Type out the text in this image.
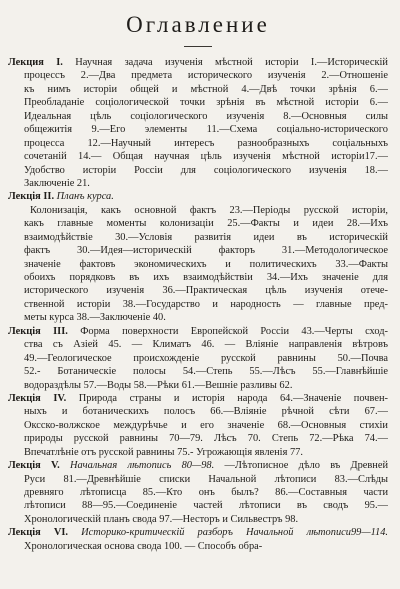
Оглавление
Лекция I. Научная задача изученія мѣстной исторіи I.—Историческій
процессъ 2.—Два предмета исторического изученія 2.—Отношеніе
къ нимъ исторіи общей и мѣстной 4.—Двѣ точки зрѣнія 6.—
Преобладаніе соціологической точки зрѣнія въ мѣстной исторіи 6.—
Идеальная цѣль соціологического изученія 8.—Основныя силы
общежитія 9.—Его элементы 11.—Схема соціально-исторического
процесса 12.—Научный интересъ разнообразныхъ соціальныхъ
сочетаній 14.— Общая научная цѣль изученія мѣстной исторіи17.—
Удобство исторіи Россіи для соціологического изученія 18.—
Заключеніе 21.
Лекція II. Планъ курса.
Колонизація, какъ основной фактъ 23.—Періоды русской исторіи,
какъ главные моменты колонизаціи 25.—Факты и идеи 28.—Ихъ
взаимодѣйствіе 30.—Условія развитія идеи въ историческій
фактъ 30.—Идея—историческій факторъ 31.—Методологическое
значеніе фактовъ экономическихъ и политическихъ 33.—Факты
обоихъ порядковъ въ ихъ взаимодѣйствіи 34.—Ихъ значеніе для
исторического изученія 36.—Практическая цѣль изученія отече-
ственной исторіи 38.—Государство и народность — главные пред-
меты курса 38.—Заключеніе 40.
Лекція III. Форма поверхности Европейской Россіи 43.—Черты сход-
ства съ Азіей 45. — Климатъ 46. — Вліяніе направленія вѣтровъ
49.—Геологическое происхожденіе русской равнины 50.—Почва
52.- Ботаническіе полосы 54.—Степь 55.—Лѣсъ 55.—Главнѣйшіе
водораздѣлы 57.—Воды 58.—Рѣки 61.—Вешніе разливы 62.
Лекція IV. Природа страны и исторія народа 64.—Значеніе почвен-
ныхъ и ботаническихъ полосъ 66.—Вліяніе рѣчной сѣти 67.—
Оксско-волжское междурѣчье и его значеніе 68.—Основныя стихіи
природы русской равнины 70—79. Лѣсъ 70. Степь 72.—Рѣка 74.—
Впечатлѣніе отъ русской равнины 75.- Угрожающія явленія 77.
Лекція V. Начальная лѣтопись 80—98. —Лѣтописное дѣло въ Древней
Руси 81.—Древнѣйшіе списки Начальной лѣтописи 83.—Слѣды
древняго лѣтописца 85.—Кто онъ былъ? 86.—Составныя части
лѣтописи 88—95.—Соединеніе частей лѣтописи въ сводъ 95.—
Хронологическій планъ свода 97.—Несторъ и Сильвестръ 98.
Лекція VI. Историко-критическій разборъ Начальной лѣтописи99—114.
Хронологическая основа свода 100. — Способъ обра-
